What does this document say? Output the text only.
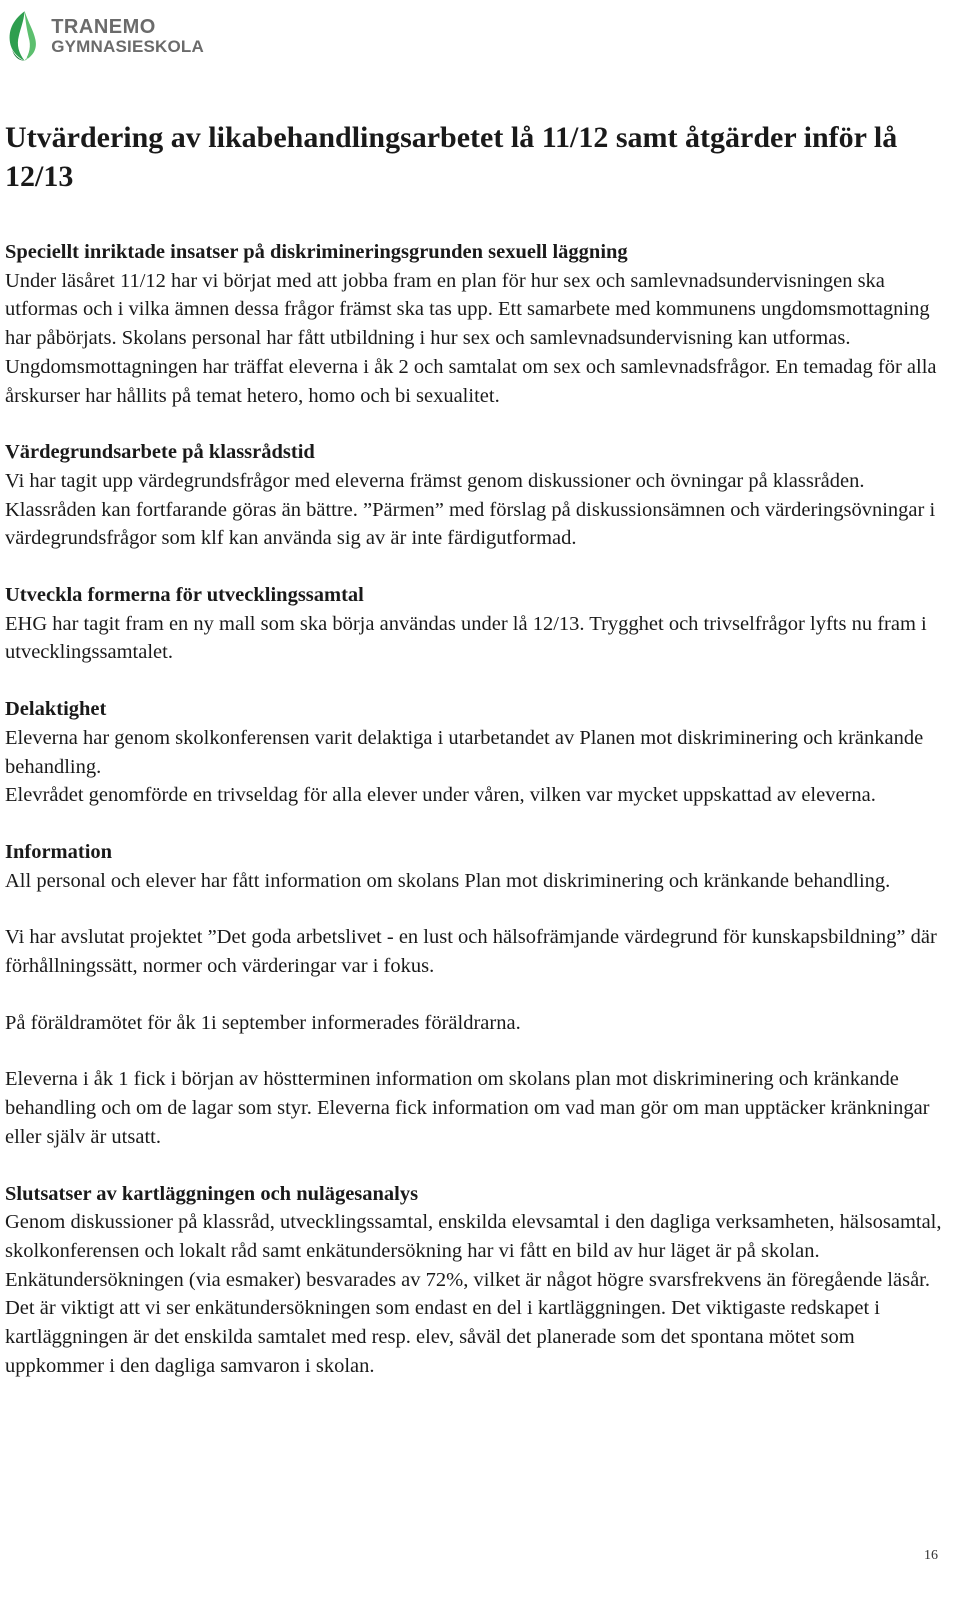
TRANEMO
GYMNASIESKOLA
Utvärdering av likabehandlingsarbetet lå 11/12 samt åtgärder inför lå 12/13
Speciellt inriktade insatser på diskrimineringsgrunden sexuell läggning

Under läsåret 11/12 har vi börjat med att jobba fram en plan för hur sex och samlevnadsundervisningen ska utformas och i vilka ämnen dessa frågor främst ska tas upp. Ett samarbete med kommunens ungdomsmottagning har påbörjats. Skolans personal har fått utbildning i hur sex och samlevnadsundervisning kan utformas. Ungdomsmottagningen har träffat eleverna i åk 2 och samtalat om sex och samlevnadsfrågor. En temadag för alla årskurser har hållits på temat hetero, homo och bi sexualitet.

Värdegrundsarbete på klassrådstid

Vi har tagit upp värdegrundsfrågor med eleverna främst genom diskussioner och övningar på klassråden. Klassråden kan fortfarande göras än bättre. ”Pärmen” med förslag på diskussionsämnen och värderingsövningar i värdegrundsfrågor som klf kan använda sig av är inte färdigutformad.

Utveckla formerna för utvecklingssamtal

EHG har tagit fram en ny mall som ska börja användas under lå 12/13. Trygghet och trivselfrågor lyfts nu fram i utvecklingssamtalet.

Delaktighet

Eleverna har genom skolkonferensen varit delaktiga i utarbetandet av Planen mot diskriminering och kränkande behandling.

Elevrådet genomförde en trivseldag för alla elever under våren, vilken var mycket uppskattad av eleverna.

Information

All personal och elever har fått information om skolans Plan mot diskriminering och kränkande behandling.

Vi har avslutat projektet ”Det goda arbetslivet - en lust och hälsofrämjande värdegrund för kunskapsbildning” där förhållningssätt, normer och värderingar var i fokus.

På föräldramötet för åk 1i september informerades föräldrarna.

Eleverna i åk 1 fick i början av höstterminen information om skolans plan mot diskriminering och kränkande behandling och om de lagar som styr. Eleverna fick information om vad man gör om man upptäcker kränkningar eller själv är utsatt.

Slutsatser av kartläggningen och nulägesanalys

Genom diskussioner på klassråd, utvecklingssamtal, enskilda elevsamtal i den dagliga verksamheten, hälsosamtal, skolkonferensen och lokalt råd samt enkätundersökning har vi fått en bild av hur läget är på skolan. Enkätundersökningen (via esmaker) besvarades av 72%, vilket är något högre svarsfrekvens än föregående läsår. Det är viktigt att vi ser enkätundersökningen som endast en del i kartläggningen. Det viktigaste redskapet i kartläggningen är det enskilda samtalet med resp. elev, såväl det planerade som det spontana mötet som uppkommer i den dagliga samvaron i skolan.

16
